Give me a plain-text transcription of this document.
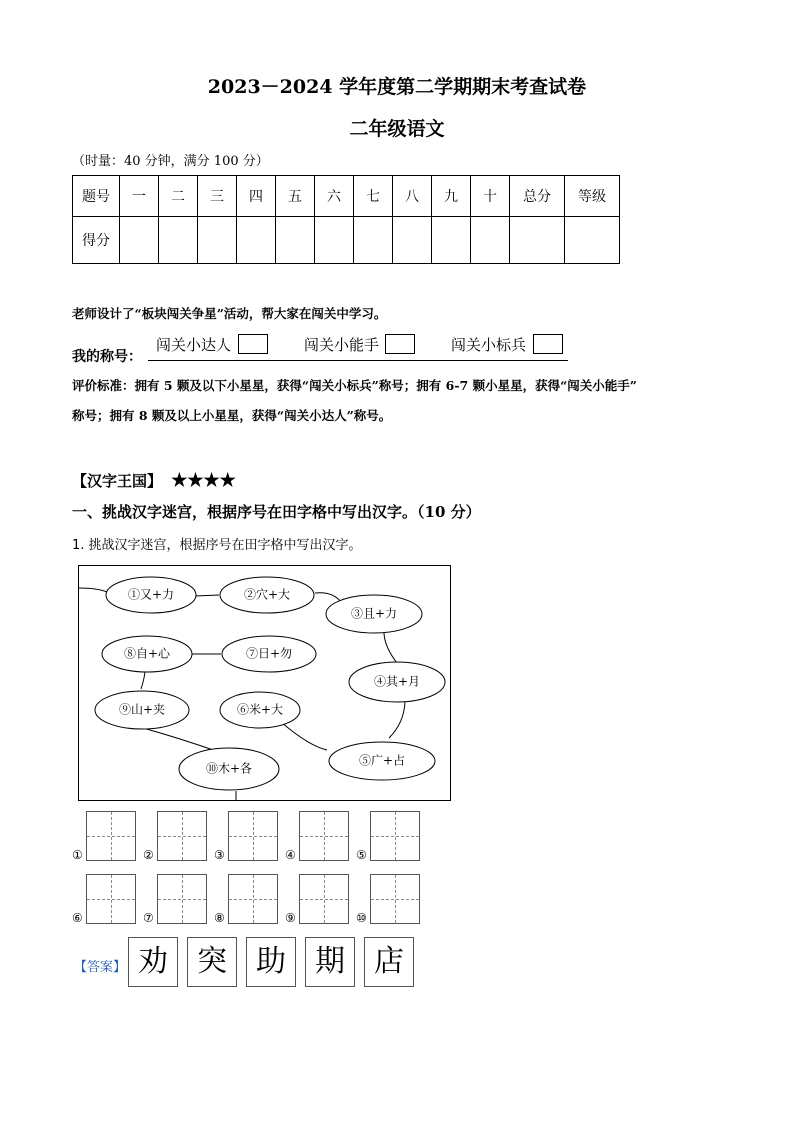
2023－2024 学年度第二学期期末考查试卷
二年级语文
（时量：40 分钟，满分 100 分）
题号	一	二	三	四	五	六	七	八	九	十	总分	等级
得分												
老师设计了“板块闯关争星”活动，帮大家在闯关中学习。
我的称号：
闯关小达人	闯关小能手	闯关小标兵
评价标准：拥有 5 颗及以下小星星，获得“闯关小标兵”称号；拥有 6-7 颗小星星，获得“闯关小能手”
称号；拥有 8 颗及以上小星星，获得“闯关小达人”称号。
【汉字王国】 ★★★★
一、挑战汉字迷宫，根据序号在田字格中写出汉字。（10 分）
1. 挑战汉字迷宫，根据序号在田字格中写出汉字。
①又+力	②穴+大
③且+力
④其+月
⑤广+占
⑥米+大
⑦日+勿
⑧自+心
⑨山+夹
⑩木+各
①	②	③	④	⑤
⑥	⑦	⑧	⑨	⑩
【答案】 劝 突 助 期 店
